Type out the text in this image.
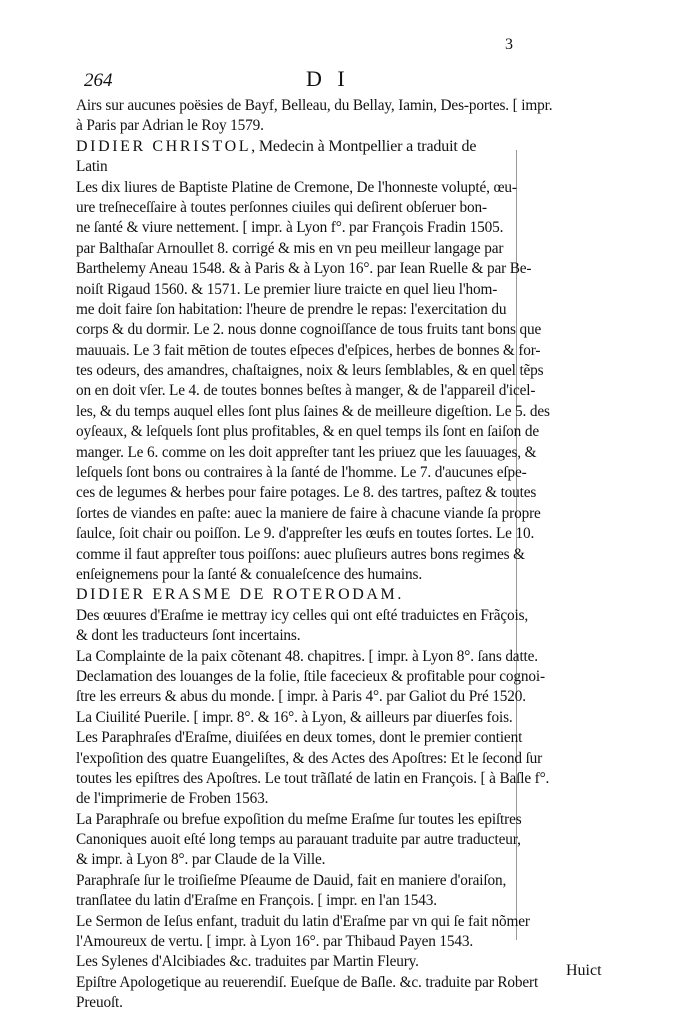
3
264	D I
Airs sur aucunes poësies de Bayf, Belleau, du Bellay, Iamin, Des-portes. [ impr.
à Paris par Adrian le Roy 1579.
DIDIER CHRISTOL, Medecin à Montpellier a traduit de
Latin
Les dix liures de Baptiste Platine de Cremone, De l'honneste volupté, œu-
ure treſneceſſaire à toutes perſonnes ciuiles qui deſirent obſeruer bon-
ne ſanté & viure nettement. [ impr. à Lyon f°. par François Fradin 1505.
par Balthaſar Arnoullet 8. corrigé & mis en vn peu meilleur langage par
Barthelemy Aneau 1548. & à Paris & à Lyon 16°. par Iean Ruelle & par Be-
noiſt Rigaud 1560. & 1571. Le premier liure traicte en quel lieu l'hom-
me doit faire ſon habitation: l'heure de prendre le repas: l'exercitation du
corps & du dormir. Le 2. nous donne cognoiſſance de tous fruits tant bons que
mauuais. Le 3 fait mētion de toutes eſpeces d'eſpices, herbes de bonnes & for-
tes odeurs, des amandres, chaſtaignes, noix & leurs ſemblables, & en quel tẽps
on en doit vſer. Le 4. de toutes bonnes beſtes à manger, & de l'appareil d'icel-
les, & du temps auquel elles ſont plus ſaines & de meilleure digeſtion. Le 5. des
oyſeaux, & leſquels ſont plus profitables, & en quel temps ils ſont en ſaiſon de
manger. Le 6. comme on les doit appreſter tant les priuez que les ſauuages, &
leſquels ſont bons ou contraires à la ſanté de l'homme. Le 7. d'aucunes eſpe-
ces de legumes & herbes pour faire potages. Le 8. des tartres, paſtez & toutes
ſortes de viandes en paſte: auec la maniere de faire à chacune viande ſa propre
ſaulce, ſoit chair ou poiſſon. Le 9. d'appreſter les œufs en toutes ſortes. Le 10.
comme il faut appreſter tous poiſſons: auec pluſieurs autres bons regimes &
enſeignemens pour la ſanté & conualeſcence des humains.
DIDIER ERASME DE ROTERODAM.
Des œuures d'Eraſme ie mettray icy celles qui ont eſté traduictes en Frãçois,
& dont les traducteurs ſont incertains.
La Complainte de la paix cõtenant 48. chapitres. [ impr. à Lyon 8°. ſans datte.
Declamation des louanges de la folie, ſtile facecieux & profitable pour cognoi-
ſtre les erreurs & abus du monde. [ impr. à Paris 4°. par Galiot du Pré 1520.
La Ciuilité Puerile. [ impr. 8°. & 16°. à Lyon, & ailleurs par diuerſes fois.
Les Paraphraſes d'Eraſme, diuiſées en deux tomes, dont le premier contient
l'expoſition des quatre Euangeliſtes, & des Actes des Apoſtres: Et le ſecond ſur
toutes les epiſtres des Apoſtres. Le tout trãſlaté de latin en François. [ à Baſle f°.
de l'imprimerie de Froben 1563.
La Paraphraſe ou brefue expoſition du meſme Eraſme ſur toutes les epiſtres
Canoniques auoit eſté long temps au parauant traduite par autre traducteur,
& impr. à Lyon 8°. par Claude de la Ville.
Paraphraſe ſur le troiſieſme Pſeaume de Dauid, fait en maniere d'oraiſon,
tranſlatee du latin d'Eraſme en François. [ impr. en l'an 1543.
Le Sermon de Ieſus enfant, traduit du latin d'Eraſme par vn qui ſe fait nõmer
l'Amoureux de vertu. [ impr. à Lyon 16°. par Thibaud Payen 1543.
Les Sylenes d'Alcibiades &c. traduites par Martin Fleury.
Epiſtre Apologetique au reuerendiſ. Eueſque de Baſle. &c. traduite par Robert
Preuoſt.
Huict
